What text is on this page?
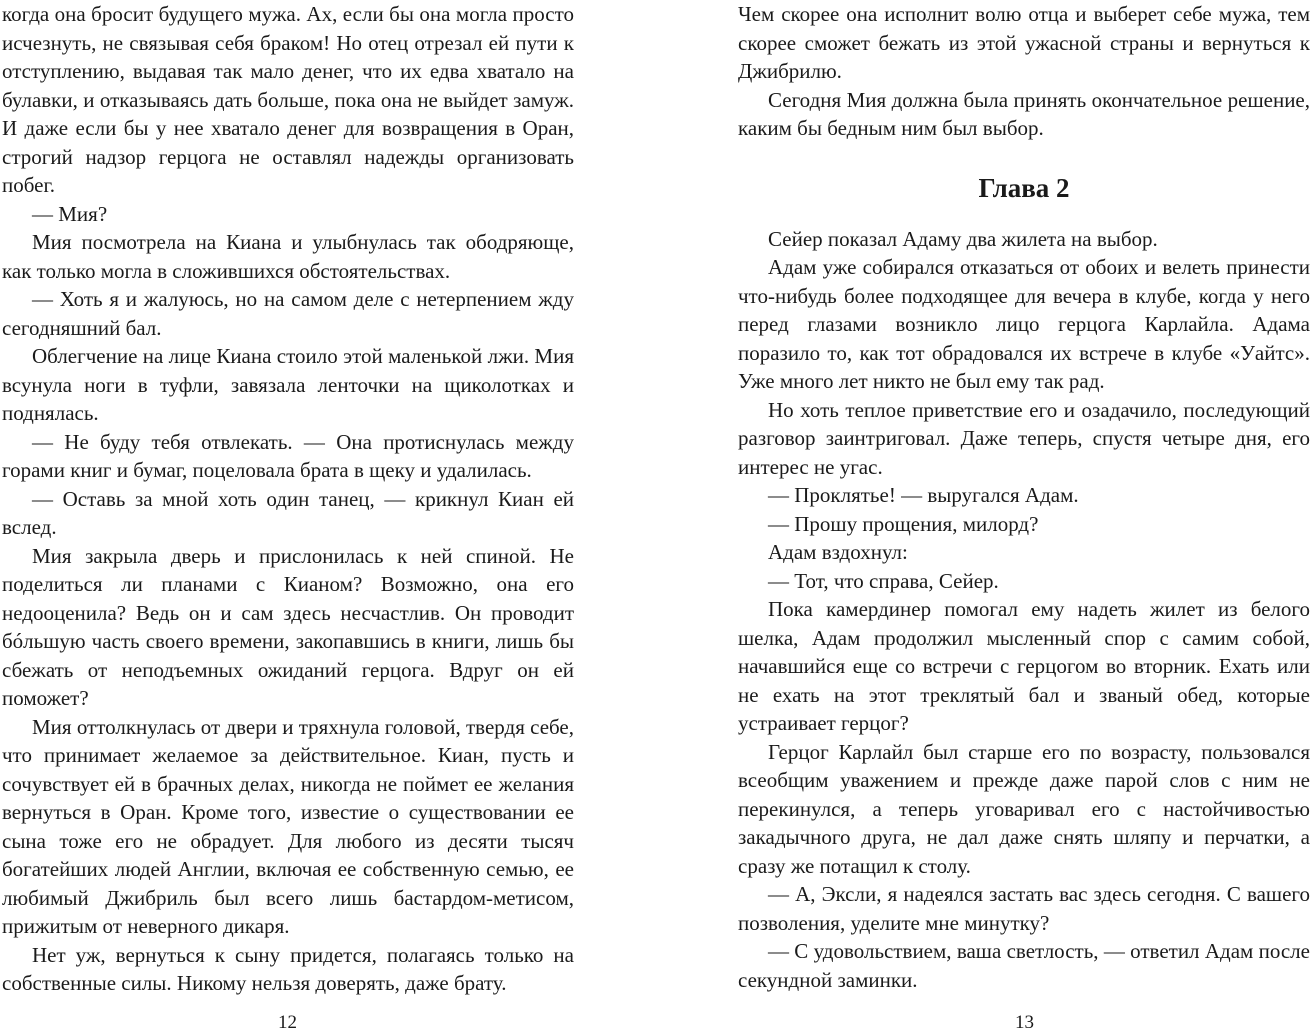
когда она бросит будущего мужа. Ах, если бы она могла просто исчезнуть, не связывая себя браком! Но отец отрезал ей пути к отступлению, выдавая так мало денег, что их едва хватало на булавки, и отказываясь дать больше, пока она не выйдет замуж. И даже если бы у нее хватало денег для возвращения в Оран, строгий надзор герцога не оставлял надежды организовать побег.

— Мия?

Мия посмотрела на Киана и улыбнулась так ободряюще, как только могла в сложившихся обстоятельствах.

— Хоть я и жалуюсь, но на самом деле с нетерпением жду сегодняшний бал.

Облегчение на лице Киана стоило этой маленькой лжи. Мия всунула ноги в туфли, завязала ленточки на щиколотках и поднялась.

— Не буду тебя отвлекать. — Она протиснулась между горами книг и бумаг, поцеловала брата в щеку и удалилась.

— Оставь за мной хоть один танец, — крикнул Киан ей вслед.

Мия закрыла дверь и прислонилась к ней спиной. Не поделиться ли планами с Кианом? Возможно, она его недооценила? Ведь он и сам здесь несчастлив. Он проводит бóльшую часть своего времени, закопавшись в книги, лишь бы сбежать от неподъемных ожиданий герцога. Вдруг он ей поможет?

Мия оттолкнулась от двери и тряхнула головой, твердя себе, что принимает желаемое за действительное. Киан, пусть и сочувствует ей в брачных делах, никогда не поймет ее желания вернуться в Оран. Кроме того, известие о существовании ее сына тоже его не обрадует. Для любого из десяти тысяч богатейших людей Англии, включая ее собственную семью, ее любимый Джибриль был всего лишь бастардом-метисом, прижитым от неверного дикаря.

Нет уж, вернуться к сыну придется, полагаясь только на собственные силы. Никому нельзя доверять, даже брату.

12

Чем скорее она исполнит волю отца и выберет себе мужа, тем скорее сможет бежать из этой ужасной страны и вернуться к Джибрилю.

Сегодня Мия должна была принять окончательное решение, каким бы бедным ним был выбор.

Глава 2

Сейер показал Адаму два жилета на выбор.

Адам уже собирался отказаться от обоих и велеть принести что-нибудь более подходящее для вечера в клубе, когда у него перед глазами возникло лицо герцога Карлайла. Адама поразило то, как тот обрадовался их встрече в клубе «Уайтс». Уже много лет никто не был ему так рад.

Но хоть теплое приветствие его и озадачило, последующий разговор заинтриговал. Даже теперь, спустя четыре дня, его интерес не угас.

— Проклятье! — выругался Адам.

— Прошу прощения, милорд?

Адам вздохнул:

— Тот, что справа, Сейер.

Пока камердинер помогал ему надеть жилет из белого шелка, Адам продолжил мысленный спор с самим собой, начавшийся еще со встречи с герцогом во вторник. Ехать или не ехать на этот треклятый бал и званый обед, которые устраивает герцог?

Герцог Карлайл был старше его по возрасту, пользовался всеобщим уважением и прежде даже парой слов с ним не перекинулся, а теперь уговаривал его с настойчивостью закадычного друга, не дал даже снять шляпу и перчатки, а сразу же потащил к столу.

— А, Эксли, я надеялся застать вас здесь сегодня. С вашего позволения, уделите мне минутку?

— С удовольствием, ваша светлость, — ответил Адам после секундной заминки.

13
